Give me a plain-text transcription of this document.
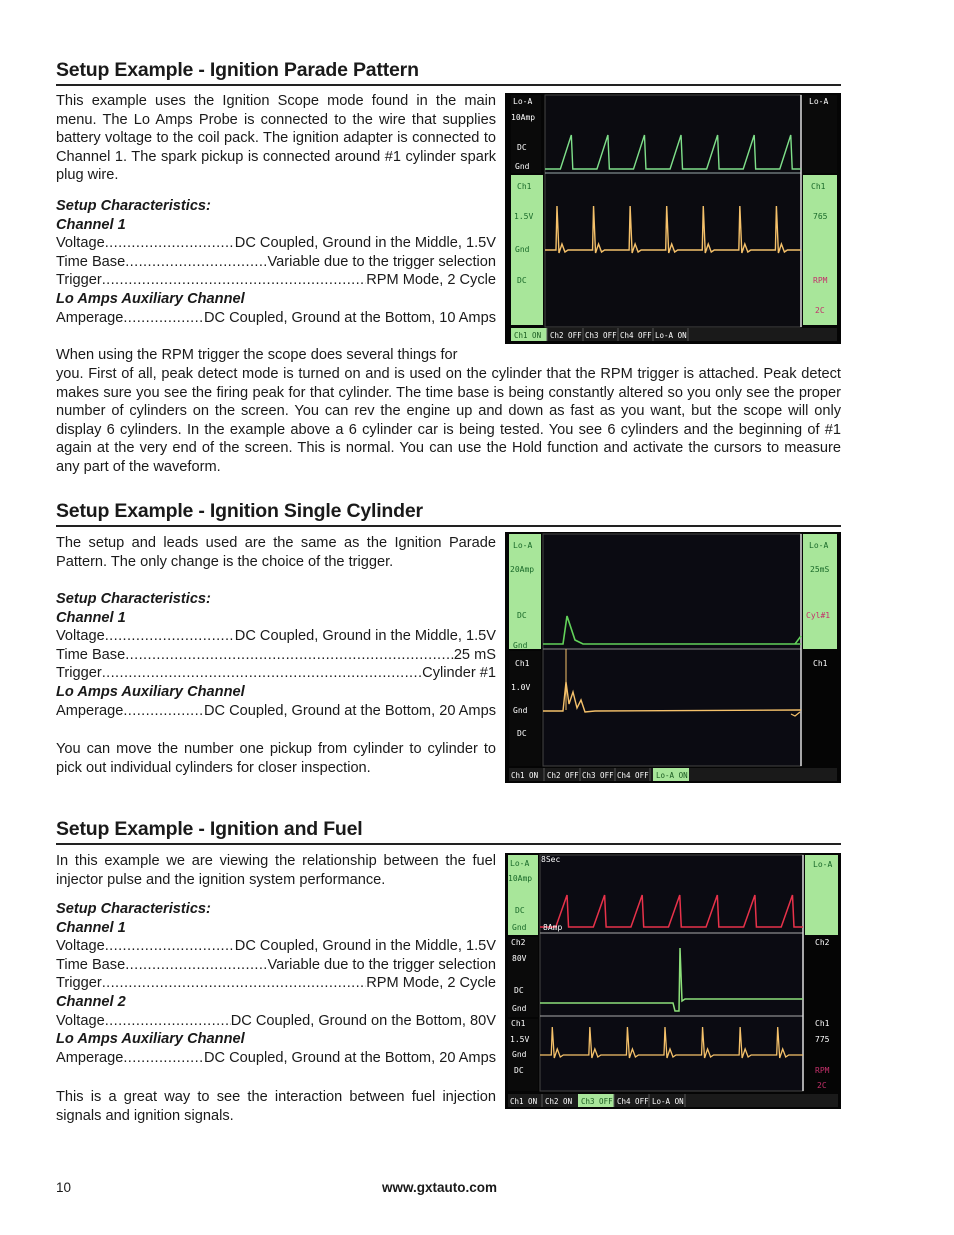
Setup Example - Ignition Parade Pattern
This example uses the Ignition Scope mode found in the main menu. The Lo Amps Probe is connected to the wire that supplies battery voltage to the coil pack. The ignition adapter is connected to Channel 1. The spark pickup is connected around #1 cylinder spark plug wire.
Setup Characteristics:
Channel 1
Voltage .....	DC Coupled, Ground in the Middle, 1.5V
Time Base .....	Variable due to the trigger selection
Trigger .....	RPM Mode, 2 Cycle
Lo Amps Auxiliary Channel
Amperage .....	DC Coupled, Ground at the Bottom, 10 Amps
When using the RPM trigger the scope does several things for
you. First of all, peak detect mode is turned on and is used on the cylinder that the RPM trigger is attached. Peak detect makes sure you see the firing peak for that cylinder. The time base is being constantly altered so you only see the proper number of cylinders on the screen. You can rev the engine up and down as fast as you want, but the scope will only display 6 cylinders. In the example above a 6 cylinder car is being tested. You see 6 cylinders and the beginning of #1 again at the very end of the screen. This is normal. You can use the Hold function and activate the cursors to measure any part of the waveform.
Lo-A
10Amp
DC
Gnd
Lo-A
Ch1
1.5V
Gnd
DC
Ch1
765
RPM
2C
Ch1 ON Ch2 OFF Ch3 OFF Ch4 OFF Lo-A ON
Setup Example - Ignition Single Cylinder
The setup and leads used are the same as the Ignition Parade Pattern. The only change is the choice of the trigger.
Setup Characteristics:
Channel 1
Voltage .....	DC Coupled, Ground in the Middle, 1.5V
Time Base .....	25 mS
Trigger .....	Cylinder #1
Lo Amps Auxiliary Channel
Amperage .....	DC Coupled, Ground at the Bottom, 20 Amps
You can move the number one pickup from cylinder to cylinder to pick out individual cylinders for closer inspection.
Lo-A
20Amp
DC
Gnd
Lo-A
25mS
Cyl#1
Ch1
1.0V
Gnd
DC
Ch1
Ch1 ON Ch2 OFF Ch3 OFF Ch4 OFF Lo-A ON
Setup Example - Ignition and Fuel
In this example we are viewing the relationship between the fuel injector pulse and the ignition system performance.
Setup Characteristics:
Channel 1
Voltage .....	DC Coupled, Ground in the Middle, 1.5V
Time Base .....	Variable due to the trigger selection
Trigger .....	RPM Mode, 2 Cycle
Channel 2
Voltage .....	DC Coupled, Ground on the Bottom, 80V
Lo Amps Auxiliary Channel
Amperage .....	DC Coupled, Ground at the Bottom, 20 Amps
This is a great way to see the interaction between fuel injection signals and ignition signals.
Lo-A
10Amp
DC
Gnd
Lo-A
8Sec
8Amp
Ch2
80V
DC
Gnd
Ch1
1.5V
Gnd
DC
Ch2
Ch1
775
RPM
2C
Ch1 ON Ch2 ON Ch3 OFF Ch4 OFF Lo-A ON
10	www.gxtauto.com
